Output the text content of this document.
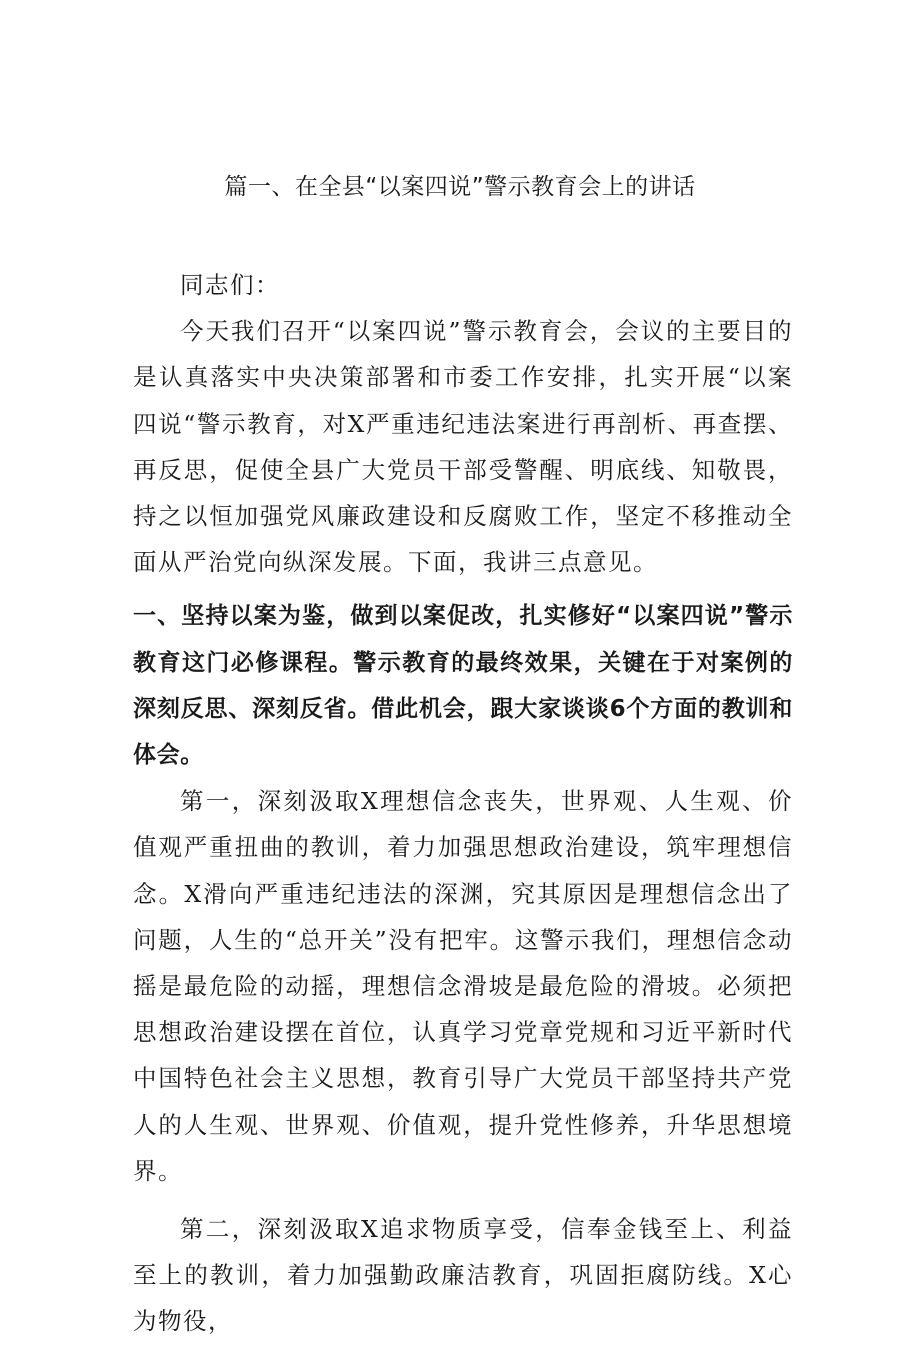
篇一、在全县“以案四说”警示教育会上的讲话

同志们：

今天我们召开“以案四说”警示教育会，会议的主要目的是认真落实中央决策部署和市委工作安排，扎实开展“以案四说“警示教育，对X严重违纪违法案进行再剖析、再查摆、再反思，促使全县广大党员干部受警醒、明底线、知敬畏，持之以恒加强党风廉政建设和反腐败工作，坚定不移推动全面从严治党向纵深发展。下面，我讲三点意见。

一、坚持以案为鉴，做到以案促改，扎实修好“以案四说”警示教育这门必修课程。警示教育的最终效果，关键在于对案例的深刻反思、深刻反省。借此机会，跟大家谈谈6个方面的教训和体会。

第一，深刻汲取X理想信念丧失，世界观、人生观、价值观严重扭曲的教训，着力加强思想政治建设，筑牢理想信念。X滑向严重违纪违法的深渊，究其原因是理想信念出了问题，人生的“总开关”没有把牢。这警示我们，理想信念动摇是最危险的动摇，理想信念滑坡是最危险的滑坡。必须把思想政治建设摆在首位，认真学习党章党规和习近平新时代中国特色社会主义思想，教育引导广大党员干部坚持共产党人的人生观、世界观、价值观，提升党性修养，升华思想境界。

第二，深刻汲取X追求物质享受，信奉金钱至上、利益至上的教训，着力加强勤政廉洁教育，巩固拒腐防线。X心为物役，
